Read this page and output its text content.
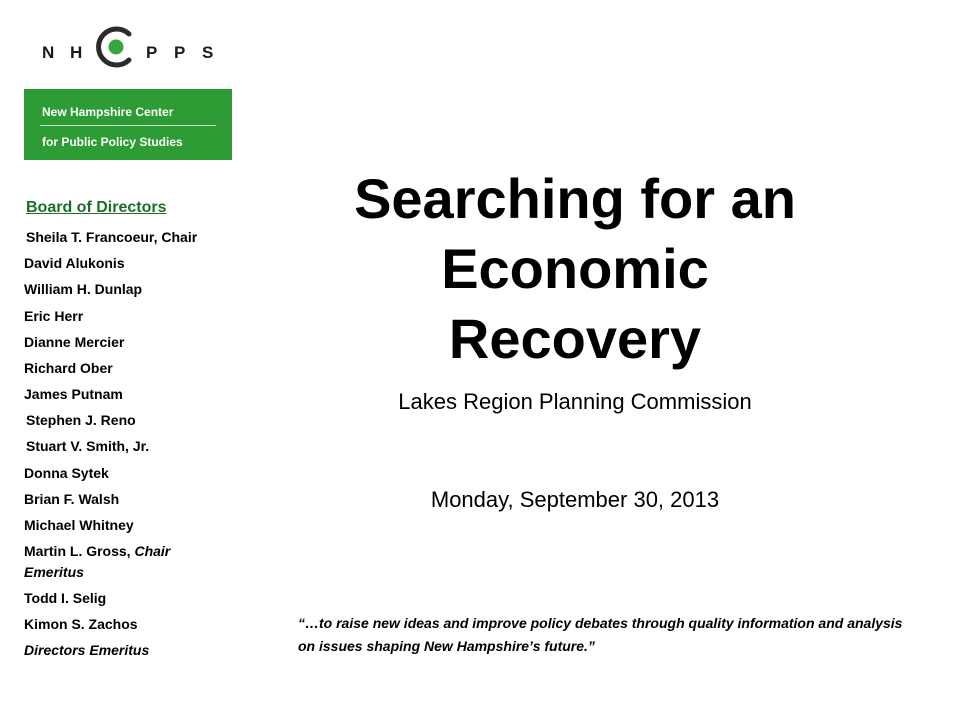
N H	P P S
New Hampshire Center
for Public Policy Studies
Board of Directors
Sheila T. Francoeur, Chair
David Alukonis
William H. Dunlap
Eric Herr
Dianne Mercier
Richard Ober
James Putnam
Stephen J. Reno
Stuart V. Smith, Jr.
Donna Sytek
Brian F. Walsh
Michael Whitney
Martin L. Gross, Chair Emeritus
Todd I. Selig
Kimon S. Zachos
Directors Emeritus
Searching for an
Economic
Recovery
Lakes Region Planning Commission
Monday, September 30, 2013
“…to raise new ideas and improve policy debates through quality information and analysis on issues shaping New Hampshire’s future.”
